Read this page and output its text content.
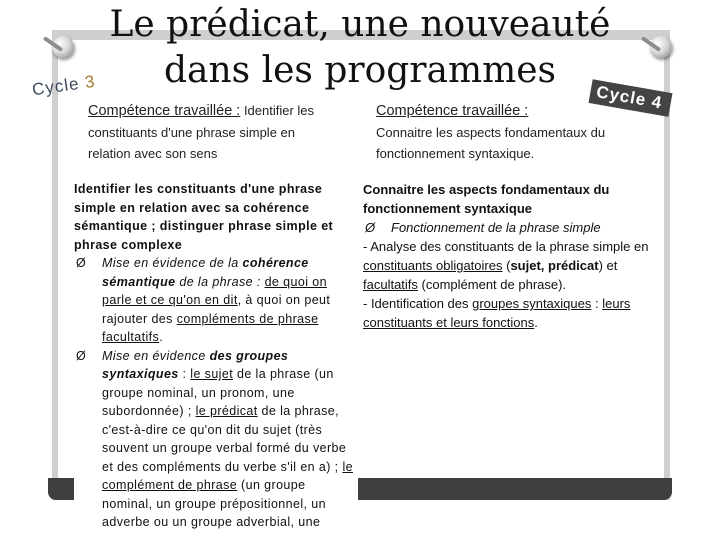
Le prédicat, une nouveauté
dans les programmes
Cycle 3
Cycle 4
Compétence travaillée : Identifier les
constituants d'une phrase simple en
relation avec son sens
Compétence travaillée :
Connaitre les aspects fondamentaux du
fonctionnement syntaxique.

Identifier les constituants d'une phrase simple en relation avec sa cohérence sémantique ; distinguer phrase simple et phrase complexe

Ø Mise en évidence de la cohérence sémantique de la phrase : de quoi on parle et ce qu'on en dit, à quoi on peut rajouter des compléments de phrase facultatifs.

Ø Mise en évidence des groupes syntaxiques : le sujet de la phrase (un groupe nominal, un pronom, une subordonnée) ; le prédicat de la phrase, c'est-à-dire ce qu'on dit du sujet (très souvent un groupe verbal formé du verbe et des compléments du verbe s'il en a) ; le complément de phrase (un groupe nominal, un groupe prépositionnel, un adverbe ou un groupe adverbial, une

Connaitre les aspects fondamentaux du fonctionnement syntaxique

Ø Fonctionnement de la phrase simple

- Analyse des constituants de la phrase simple en constituants obligatoires (sujet, prédicat) et facultatifs (complément de phrase).

- Identification des groupes syntaxiques : leurs constituants et leurs fonctions.
